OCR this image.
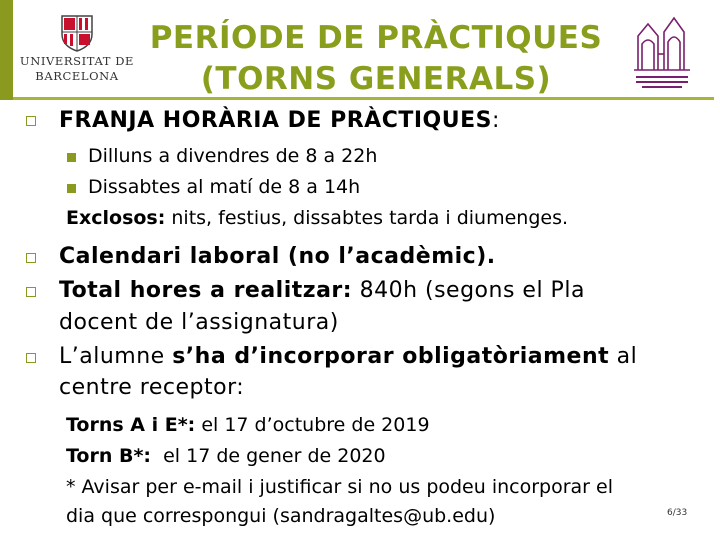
UNIVERSITAT DE
BARCELONA
PERÍODE DE PRÀCTIQUES
(TORNS GENERALS)
FRANJA HORÀRIA DE PRÀCTIQUES:
Dilluns a divendres de 8 a 22h
Dissabtes al matí de 8 a 14h
Exclosos: nits, festius, dissabtes tarda i diumenges.
Calendari laboral (no l’acadèmic).
Total hores a realitzar: 840h (segons el Pla
docent de l’assignatura)
L’alumne s’ha d’incorporar obligatòriament al
centre receptor:
Torns A i E*: el 17 d’octubre de 2019
Torn B*:  el 17 de gener de 2020
* Avisar per e-mail i justificar si no us podeu incorporar el
dia que correspongui (sandragaltes@ub.edu)	6/33
